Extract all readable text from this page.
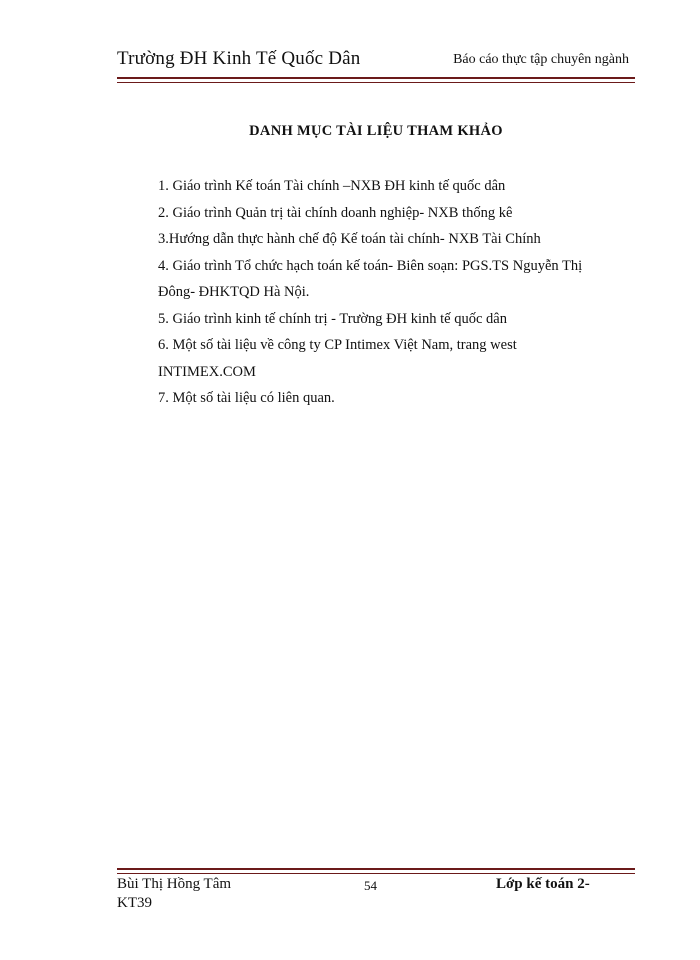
Trường ĐH Kinh Tế Quốc Dân	Báo cáo thực tập chuyên ngành
DANH MỤC TÀI LIỆU THAM KHẢO
1. Giáo trình Kế toán Tài chính –NXB ĐH kinh tế quốc dân
2. Giáo trình Quản trị tài chính doanh nghiệp- NXB thống kê
3.Hướng dẫn thực hành chế độ Kế toán tài chính- NXB Tài Chính
4. Giáo trình Tổ chức hạch toán kế toán- Biên soạn: PGS.TS Nguyễn Thị Đông- ĐHKTQD Hà Nội.
5. Giáo trình kinh tế chính trị - Trường ĐH kinh tế quốc dân
6. Một số tài liệu về công ty CP Intimex Việt Nam, trang west INTIMEX.COM
7. Một số tài liệu có liên quan.
Bùi Thị Hồng Tâm	54	Lớp kế toán 2-
KT39
